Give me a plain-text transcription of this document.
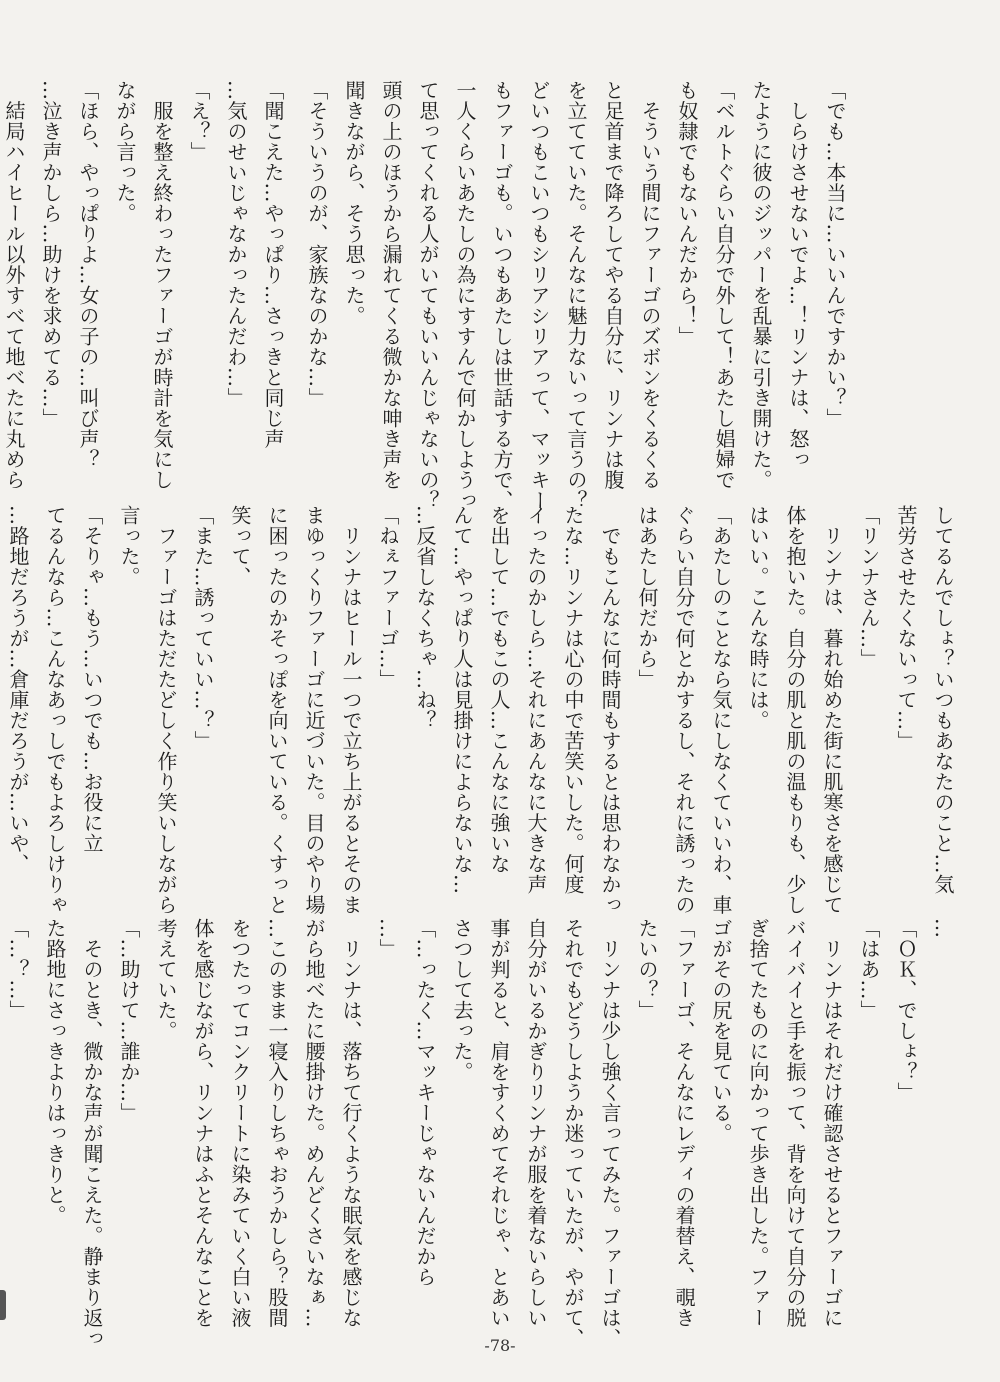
「でも…本当に…いいんですかい？」
　しらけさせないでよ…！リンナは、怒っ
たように彼のジッパーを乱暴に引き開けた。
「ベルトぐらい自分で外して！あたし娼婦で
も奴隷でもないんだから！」
　そういう間にファーゴのズボンをくるくる
と足首まで降ろしてやる自分に、リンナは腹
を立てていた。そんなに魅力ないって言うの？
どいつもこいつもシリアシリアって、マッキー
もファーゴも。いつもあたしは世話する方で、
一人くらいあたしの為にすすんで何かしようっ
て思ってくれる人がいてもいいんじゃないの？
頭の上のほうから漏れてくる微かな呻き声を
聞きながら、そう思った。
「そういうのが、家族なのかな…」
「聞こえた…やっぱり…さっきと同じ声
…気のせいじゃなかったんだわ…」
「え？」
　服を整え終わったファーゴが時計を気にし
ながら言った。
「ほら、やっぱりよ…女の子の…叫び声？
…泣き声かしら…助けを求めてる…」
　結局ハイヒール以外すべて地べたに丸めら
してるんでしょ？いつもあなたのこと…気
苦労させたくないって…」
「リンナさん…」
　リンナは、暮れ始めた街に肌寒さを感じて
体を抱いた。自分の肌と肌の温もりも、少し
はいい。こんな時には。
「あたしのことなら気にしなくていいわ、車
ぐらい自分で何とかするし、それに誘ったの
はあたし何だから」
　でもこんなに何時間もするとは思わなかっ
たな…リンナは心の中で苦笑いした。何度
イったのかしら…それにあんなに大きな声
を出して…でもこの人…こんなに強いな
んて…やっぱり人は見掛けによらないな…
…反省しなくちゃ…ね？
「ねぇファーゴ…」
　リンナはヒール一つで立ち上がるとそのま
まゆっくりファーゴに近づいた。目のやり場
に困ったのかそっぽを向いている。くすっと
笑って、
「また…誘っていい…？」
　ファーゴはただたどしく作り笑いしながら
言った。
「そりゃ…もう…いつでも…お役に立
てるんなら…こんなあっしでもよろしけりゃ
…路地だろうが…倉庫だろうが…いや、
…
「ＯＫ、でしょ？」
「はあ…」
　リンナはそれだけ確認させるとファーゴに
バイバイと手を振って、背を向けて自分の脱
ぎ捨てたものに向かって歩き出した。ファー
ゴがその尻を見ている。
「ファーゴ、そんなにレディの着替え、覗き
たいの？」
　リンナは少し強く言ってみた。ファーゴは、
それでもどうしようか迷っていたが、やがて、
自分がいるかぎりリンナが服を着ないらしい
事が判ると、肩をすくめてそれじゃ、とあい
さつして去った。
「…ったく…マッキーじゃないんだから
…」
　リンナは、落ちて行くような眠気を感じな
がら地べたに腰掛けた。めんどくさいなぁ…
…このまま一寝入りしちゃおうかしら？股間
をつたってコンクリートに染みていく白い液
体を感じながら、リンナはふとそんなことを
考えていた。
「…助けて…誰か…」
　そのとき、微かな声が聞こえた。静まり返っ
た路地にさっきよりはっきりと。
「…？…」
-78-
